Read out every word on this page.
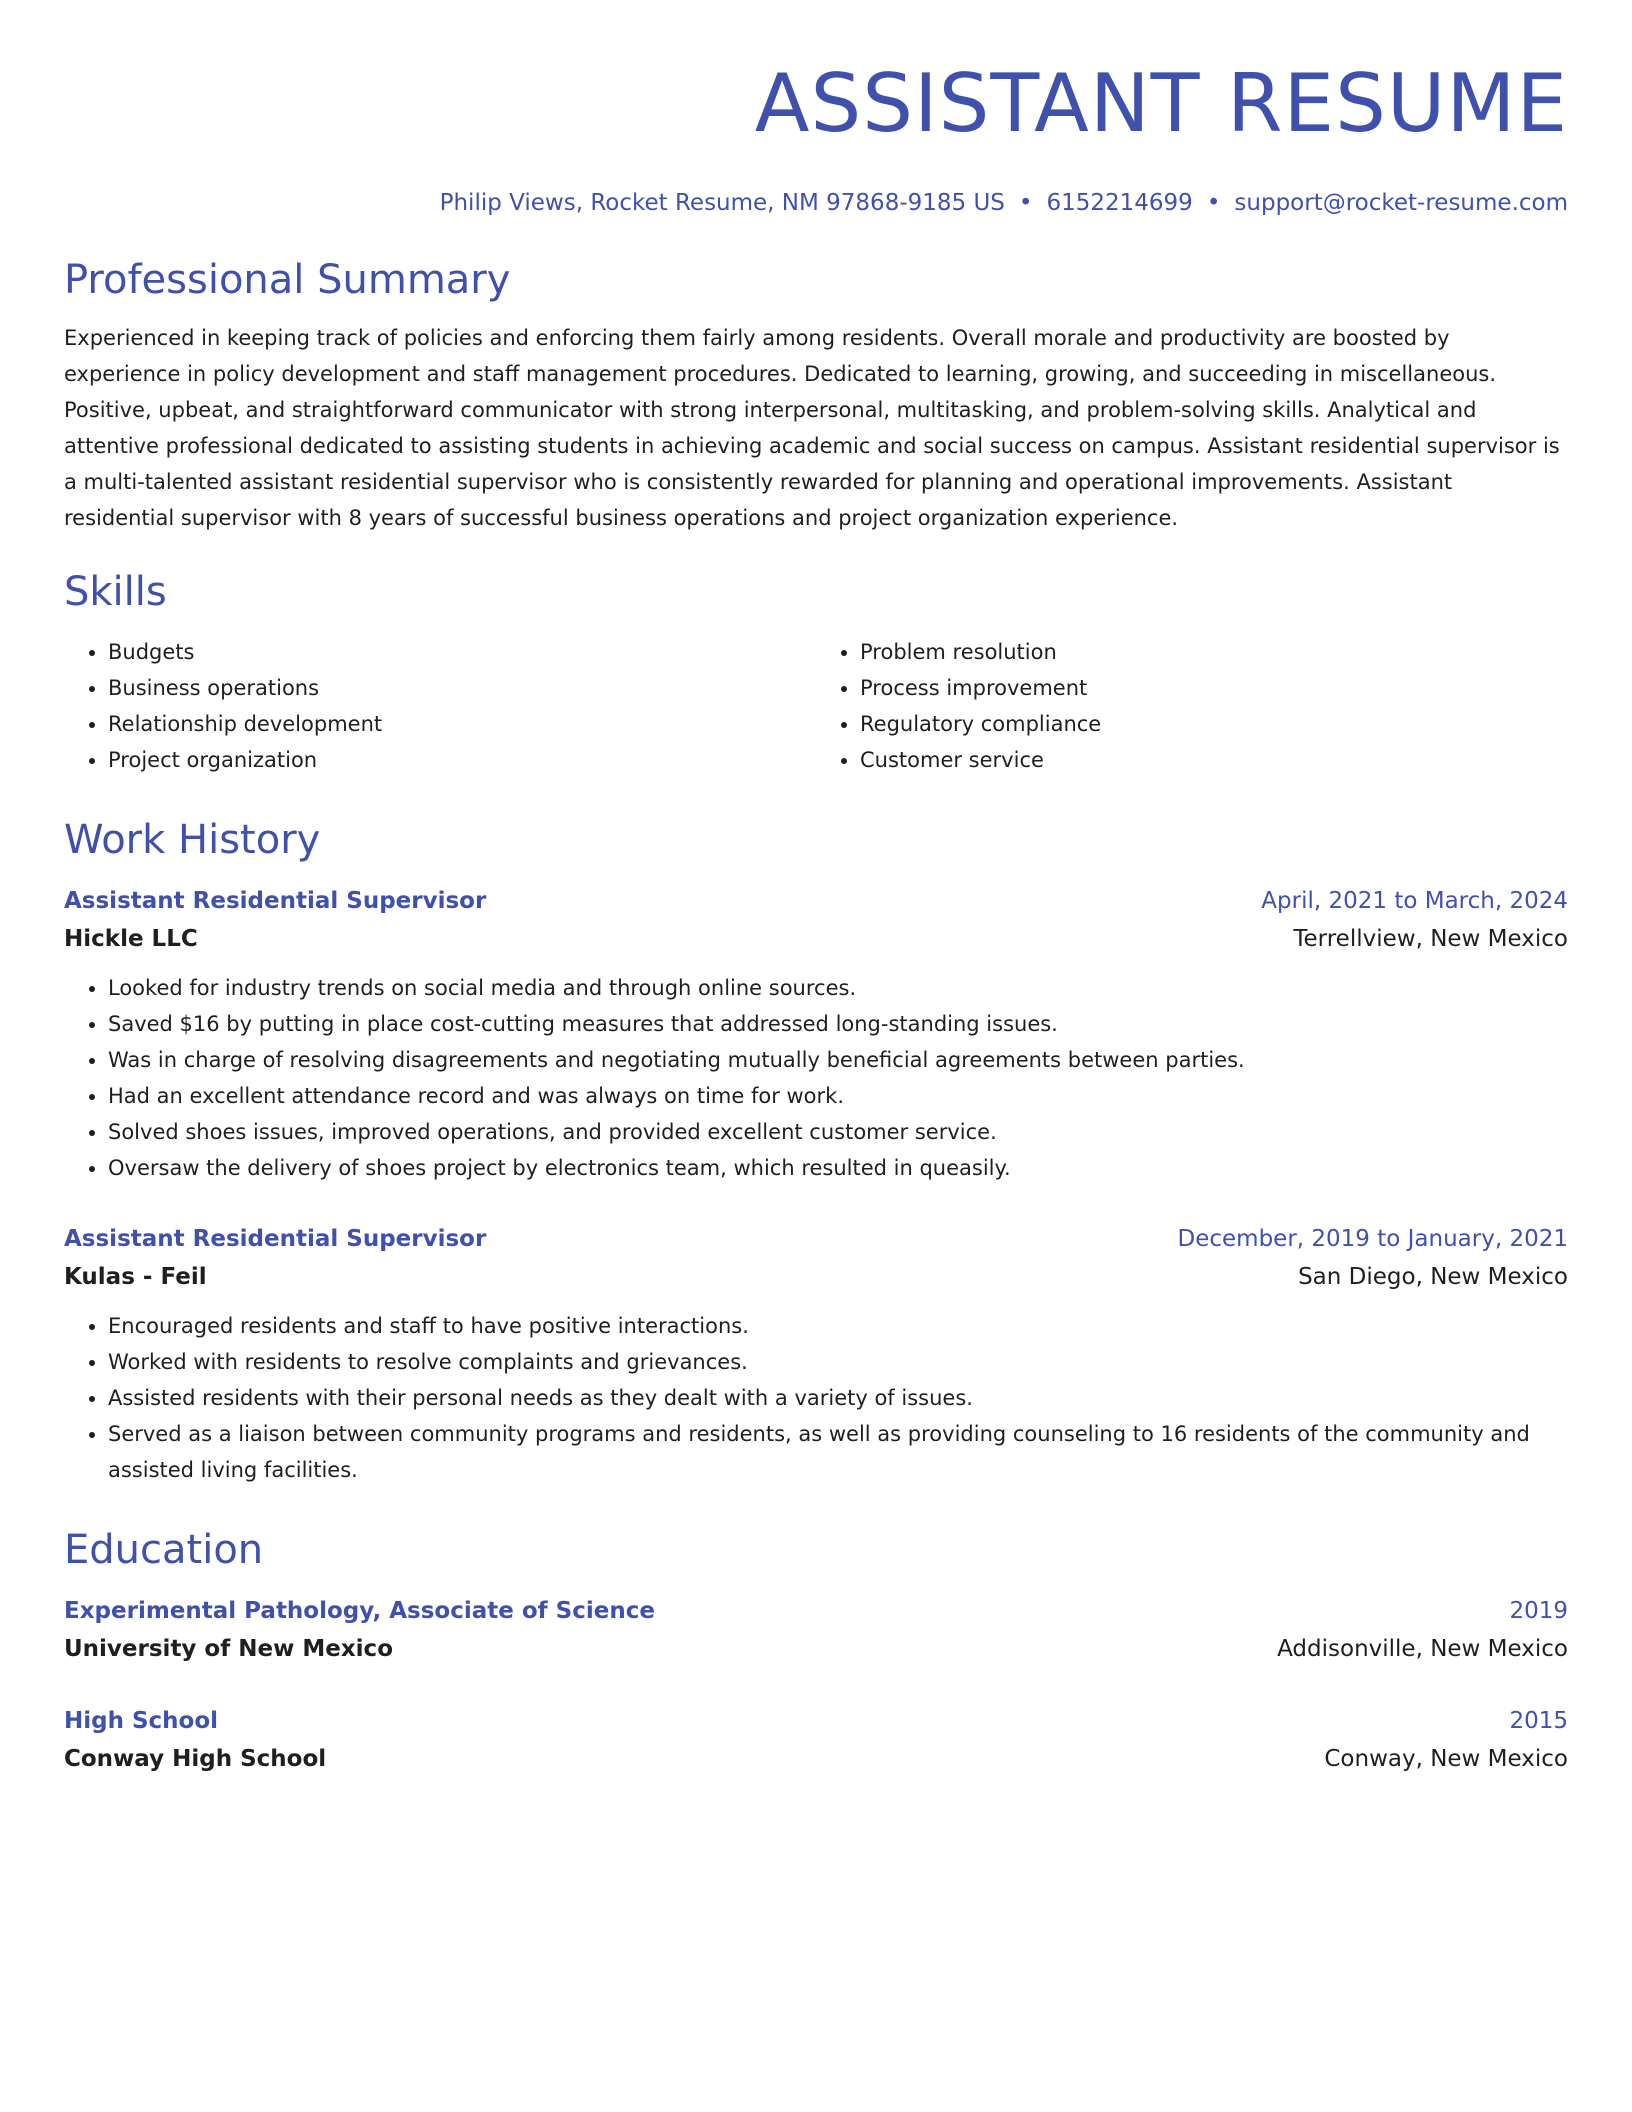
ASSISTANT RESUME
Philip Views, Rocket Resume, NM 97868-9185 US • 6152214699 • support@rocket-resume.com
Professional Summary
Experienced in keeping track of policies and enforcing them fairly among residents. Overall morale and productivity are boosted by experience in policy development and staff management procedures. Dedicated to learning, growing, and succeeding in miscellaneous. Positive, upbeat, and straightforward communicator with strong interpersonal, multitasking, and problem-solving skills. Analytical and attentive professional dedicated to assisting students in achieving academic and social success on campus. Assistant residential supervisor is a multi-talented assistant residential supervisor who is consistently rewarded for planning and operational improvements. Assistant residential supervisor with 8 years of successful business operations and project organization experience.
Skills
• Budgets
• Business operations
• Relationship development
• Project organization
• Problem resolution
• Process improvement
• Regulatory compliance
• Customer service
Work History
Assistant Residential Supervisor	April, 2021 to March, 2024
Hickle LLC	Terrellview, New Mexico
• Looked for industry trends on social media and through online sources.
• Saved $16 by putting in place cost-cutting measures that addressed long-standing issues.
• Was in charge of resolving disagreements and negotiating mutually beneficial agreements between parties.
• Had an excellent attendance record and was always on time for work.
• Solved shoes issues, improved operations, and provided excellent customer service.
• Oversaw the delivery of shoes project by electronics team, which resulted in queasily.
Assistant Residential Supervisor	December, 2019 to January, 2021
Kulas - Feil	San Diego, New Mexico
• Encouraged residents and staff to have positive interactions.
• Worked with residents to resolve complaints and grievances.
• Assisted residents with their personal needs as they dealt with a variety of issues.
• Served as a liaison between community programs and residents, as well as providing counseling to 16 residents of the community and assisted living facilities.
Education
Experimental Pathology, Associate of Science	2019
University of New Mexico	Addisonville, New Mexico
High School	2015
Conway High School	Conway, New Mexico
